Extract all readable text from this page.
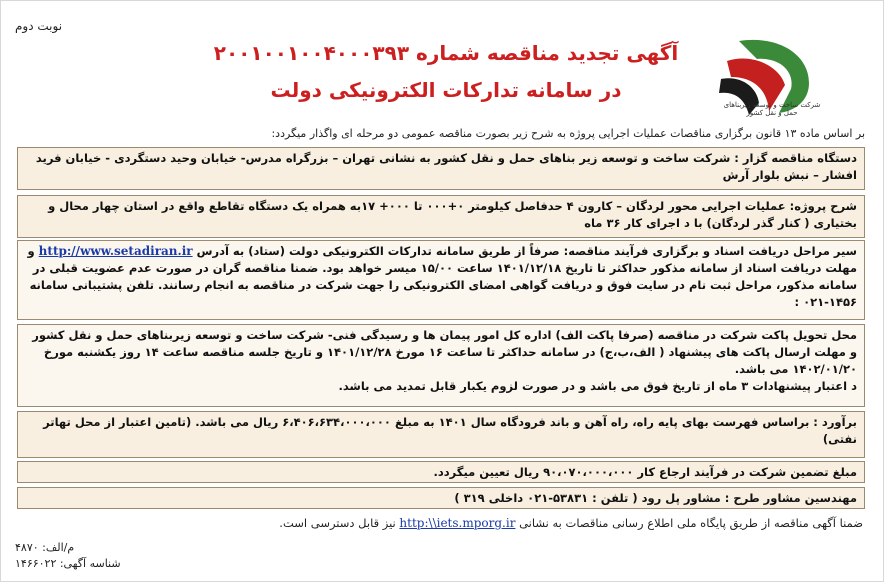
نوبت دوم
آگهی تجدید مناقصه شماره ۲۰۰۱۰۰۱۰۰۴۰۰۰۳۹۳
در سامانه تدارکات الکترونیکی دولت
شرکت ساخت و توسعه زیربناهای حمل و نقل کشور
بر اساس ماده ۱۳ قانون برگزاری مناقصات عملیات اجرایی پروژه به شرح زیر بصورت مناقصه عمومی دو مرحله ای واگذار میگردد:
دستگاه مناقصه گزار : شرکت ساخت و توسعه زیر بناهای حمل و نقل کشور به نشانی تهران – بزرگراه مدرس- خیابان وحید دستگردی - خیابان فرید افشار – نبش بلوار آرش
شرح پروژه: عملیات اجرایی محور لردگان – کارون ۴ حدفاصل کیلومتر ۰+۰۰۰ تا ۰۰۰+ ۱۷به همراه یک دستگاه تقاطع واقع در استان چهار محال و بختیاری ( کنار گذر لردگان) با د اجرای کار ۳۶ ماه
سیر مراحل دریافت اسناد و برگزاری فرآیند مناقصه: صرفاً از طریق سامانه تدارکات الکترونیکی دولت (ستاد) به آدرس http://www.setadiran.ir و مهلت دریافت اسناد از سامانه مذکور حداکثر تا تاریخ ۱۴۰۱/۱۲/۱۸ ساعت ۱۵/۰۰ میسر خواهد بود. ضمنا مناقصه گران در صورت عدم عضویت قبلی در سامانه مذکور، مراحل ثبت نام در سایت فوق و دریافت گواهی امضای الکترونیکی را جهت شرکت در مناقصه به انجام رسانند. تلفن پشتیبانی سامانه ۱۴۵۶-۰۲۱ :
محل تحویل پاکت شرکت در مناقصه (صرفا پاکت الف) اداره کل امور پیمان ها و رسیدگی فنی- شرکت ساخت و توسعه زیربناهای حمل و نقل کشور و مهلت ارسال پاکت های پیشنهاد ( الف،ب،ج) در سامانه حداکثر تا ساعت ۱۶ مورخ ۱۴۰۱/۱۲/۲۸ و تاریخ جلسه مناقصه ساعت ۱۴ روز یکشنبه مورخ ۱۴۰۲/۰۱/۲۰ می باشد.
د اعتبار پیشنهادات ۳ ماه از تاریخ فوق می باشد و در صورت لزوم یکبار قابل تمدید می باشد.
برآورد : براساس فهرست بهای پایه راه، راه آهن و باند فرودگاه سال ۱۴۰۱ به مبلغ ۶،۴۰۶،۶۳۴،۰۰۰،۰۰۰ ریال می باشد. (تامین اعتبار از محل تهاتر نفتی)
مبلغ تضمین شرکت در فرآیند ارجاع کار ۹۰،۰۷۰،۰۰۰،۰۰۰ ریال تعیین میگردد.
مهندسین مشاور طرح : مشاور پل رود ( تلفن : ۵۳۸۳۱-۰۲۱ داخلی ۳۱۹ )
ضمنا آگهی مناقصه از طریق پایگاه ملی اطلاع رسانی مناقصات به نشانی http:\\iets.mporg.ir نیز قابل دسترسی است.
م/الف: ۴۸۷۰
شناسه آگهی: ۱۴۶۶۰۲۲
